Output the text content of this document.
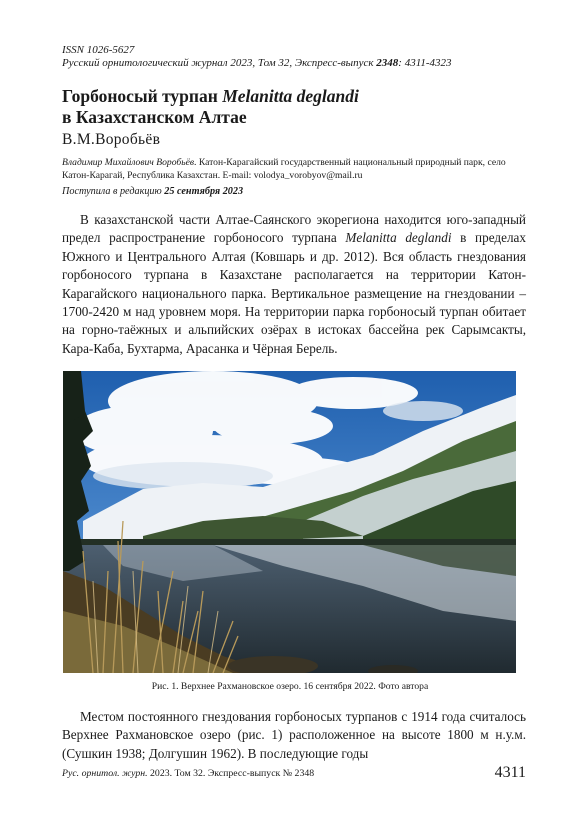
ISSN 1026-5627
Русский орнитологический журнал 2023, Том 32, Экспресс-выпуск 2348: 4311-4323
Горбоносый турпан Melanitta deglandi
в Казахстанском Алтае
В.М.Воробьёв
Владимир Михайлович Воробьёв. Катон-Карагайский государственный национальный природный парк, село Катон-Карагай, Республика Казахстан. E-mail: volodya_vorobyov@mail.ru
Поступила в редакцию 25 сентября 2023
В казахстанской части Алтае-Саянского экорегиона находится юго-западный предел распространение горбоносого турпана Melanitta deglandi в пределах Южного и Центрального Алтая (Ковшарь и др. 2012). Вся область гнездования горбоносого турпана в Казахстане располагается на территории Катон-Карагайского национального парка. Вертикальное размещение на гнездовании – 1700-2420 м над уровнем моря. На территории парка горбоносый турпан обитает на горно-таёжных и альпийских озёрах в истоках бассейна рек Сарымсакты, Кара-Каба, Бухтарма, Арасанка и Чёрная Берель.
Рис. 1. Верхнее Рахмановское озеро. 16 сентября 2022. Фото автора
Местом постоянного гнездования горбоносых турпанов с 1914 года считалось Верхнее Рахмановское озеро (рис. 1) расположенное на высоте 1800 м н.у.м. (Сушкин 1938; Долгушин 1962). В последующие годы
Рус. орнитол. журн. 2023. Том 32. Экспресс-выпуск № 2348	4311
